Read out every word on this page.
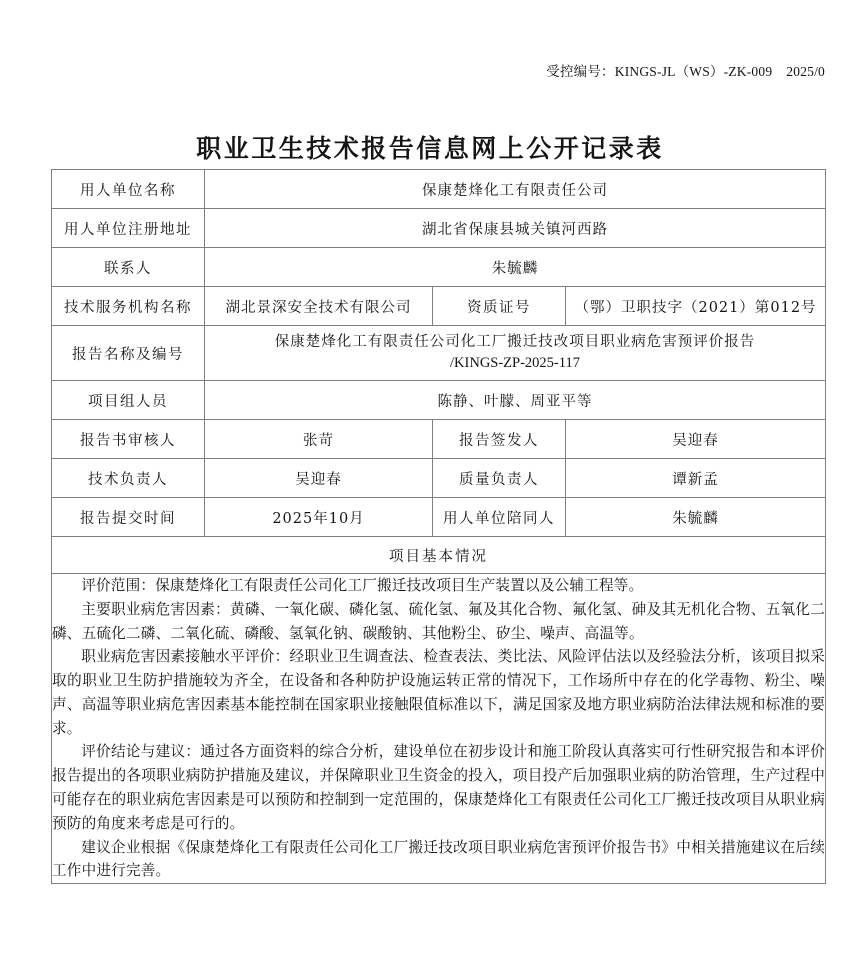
受控编号：KINGS-JL（WS）-ZK-009 2025/0
职业卫生技术报告信息网上公开记录表
用人单位名称	保康楚烽化工有限责任公司		
用人单位注册地址	湖北省保康县城关镇河西路		
联系人	朱毓麟		
技术服务机构名称	湖北景深安全技术有限公司	资质证号	（鄂）卫职技字（2021）第012号
报告名称及编号	保康楚烽化工有限责任公司化工厂搬迁技改项目职业病危害预评价报告
/KINGS-ZP-2025-117		

项目组人员	陈静、叶朦、周亚平等		
报告书审核人	张苛	报告签发人	吴迎春
技术负责人	吴迎春	质量负责人	谭新孟
报告提交时间	2025年10月	用人单位陪同人	朱毓麟
项目基本情况			

评价范围：保康楚烽化工有限责任公司化工厂搬迁技改项目生产装置以及公辅工程等。

主要职业病危害因素：黄磷、一氧化碳、磷化氢、硫化氢、氟及其化合物、氟化氢、砷及其无机化合物、五氧化二磷、五硫化二磷、二氧化硫、磷酸、氢氧化钠、碳酸钠、其他粉尘、矽尘、噪声、高温等。

职业病危害因素接触水平评价：经职业卫生调查法、检查表法、类比法、风险评估法以及经验法分析，该项目拟采取的职业卫生防护措施较为齐全，在设备和各种防护设施运转正常的情况下，工作场所中存在的化学毒物、粉尘、噪声、高温等职业病危害因素基本能控制在国家职业接触限值标准以下，满足国家及地方职业病防治法律法规和标准的要求。

评价结论与建议：通过各方面资料的综合分析，建设单位在初步设计和施工阶段认真落实可行性研究报告和本评价报告提出的各项职业病防护措施及建议，并保障职业卫生资金的投入，项目投产后加强职业病的防治管理，生产过程中可能存在的职业病危害因素是可以预防和控制到一定范围的，保康楚烽化工有限责任公司化工厂搬迁技改项目从职业病预防的角度来考虑是可行的。

建议企业根据《保康楚烽化工有限责任公司化工厂搬迁技改项目职业病危害预评价报告书》中相关措施建议在后续工作中进行完善。			
